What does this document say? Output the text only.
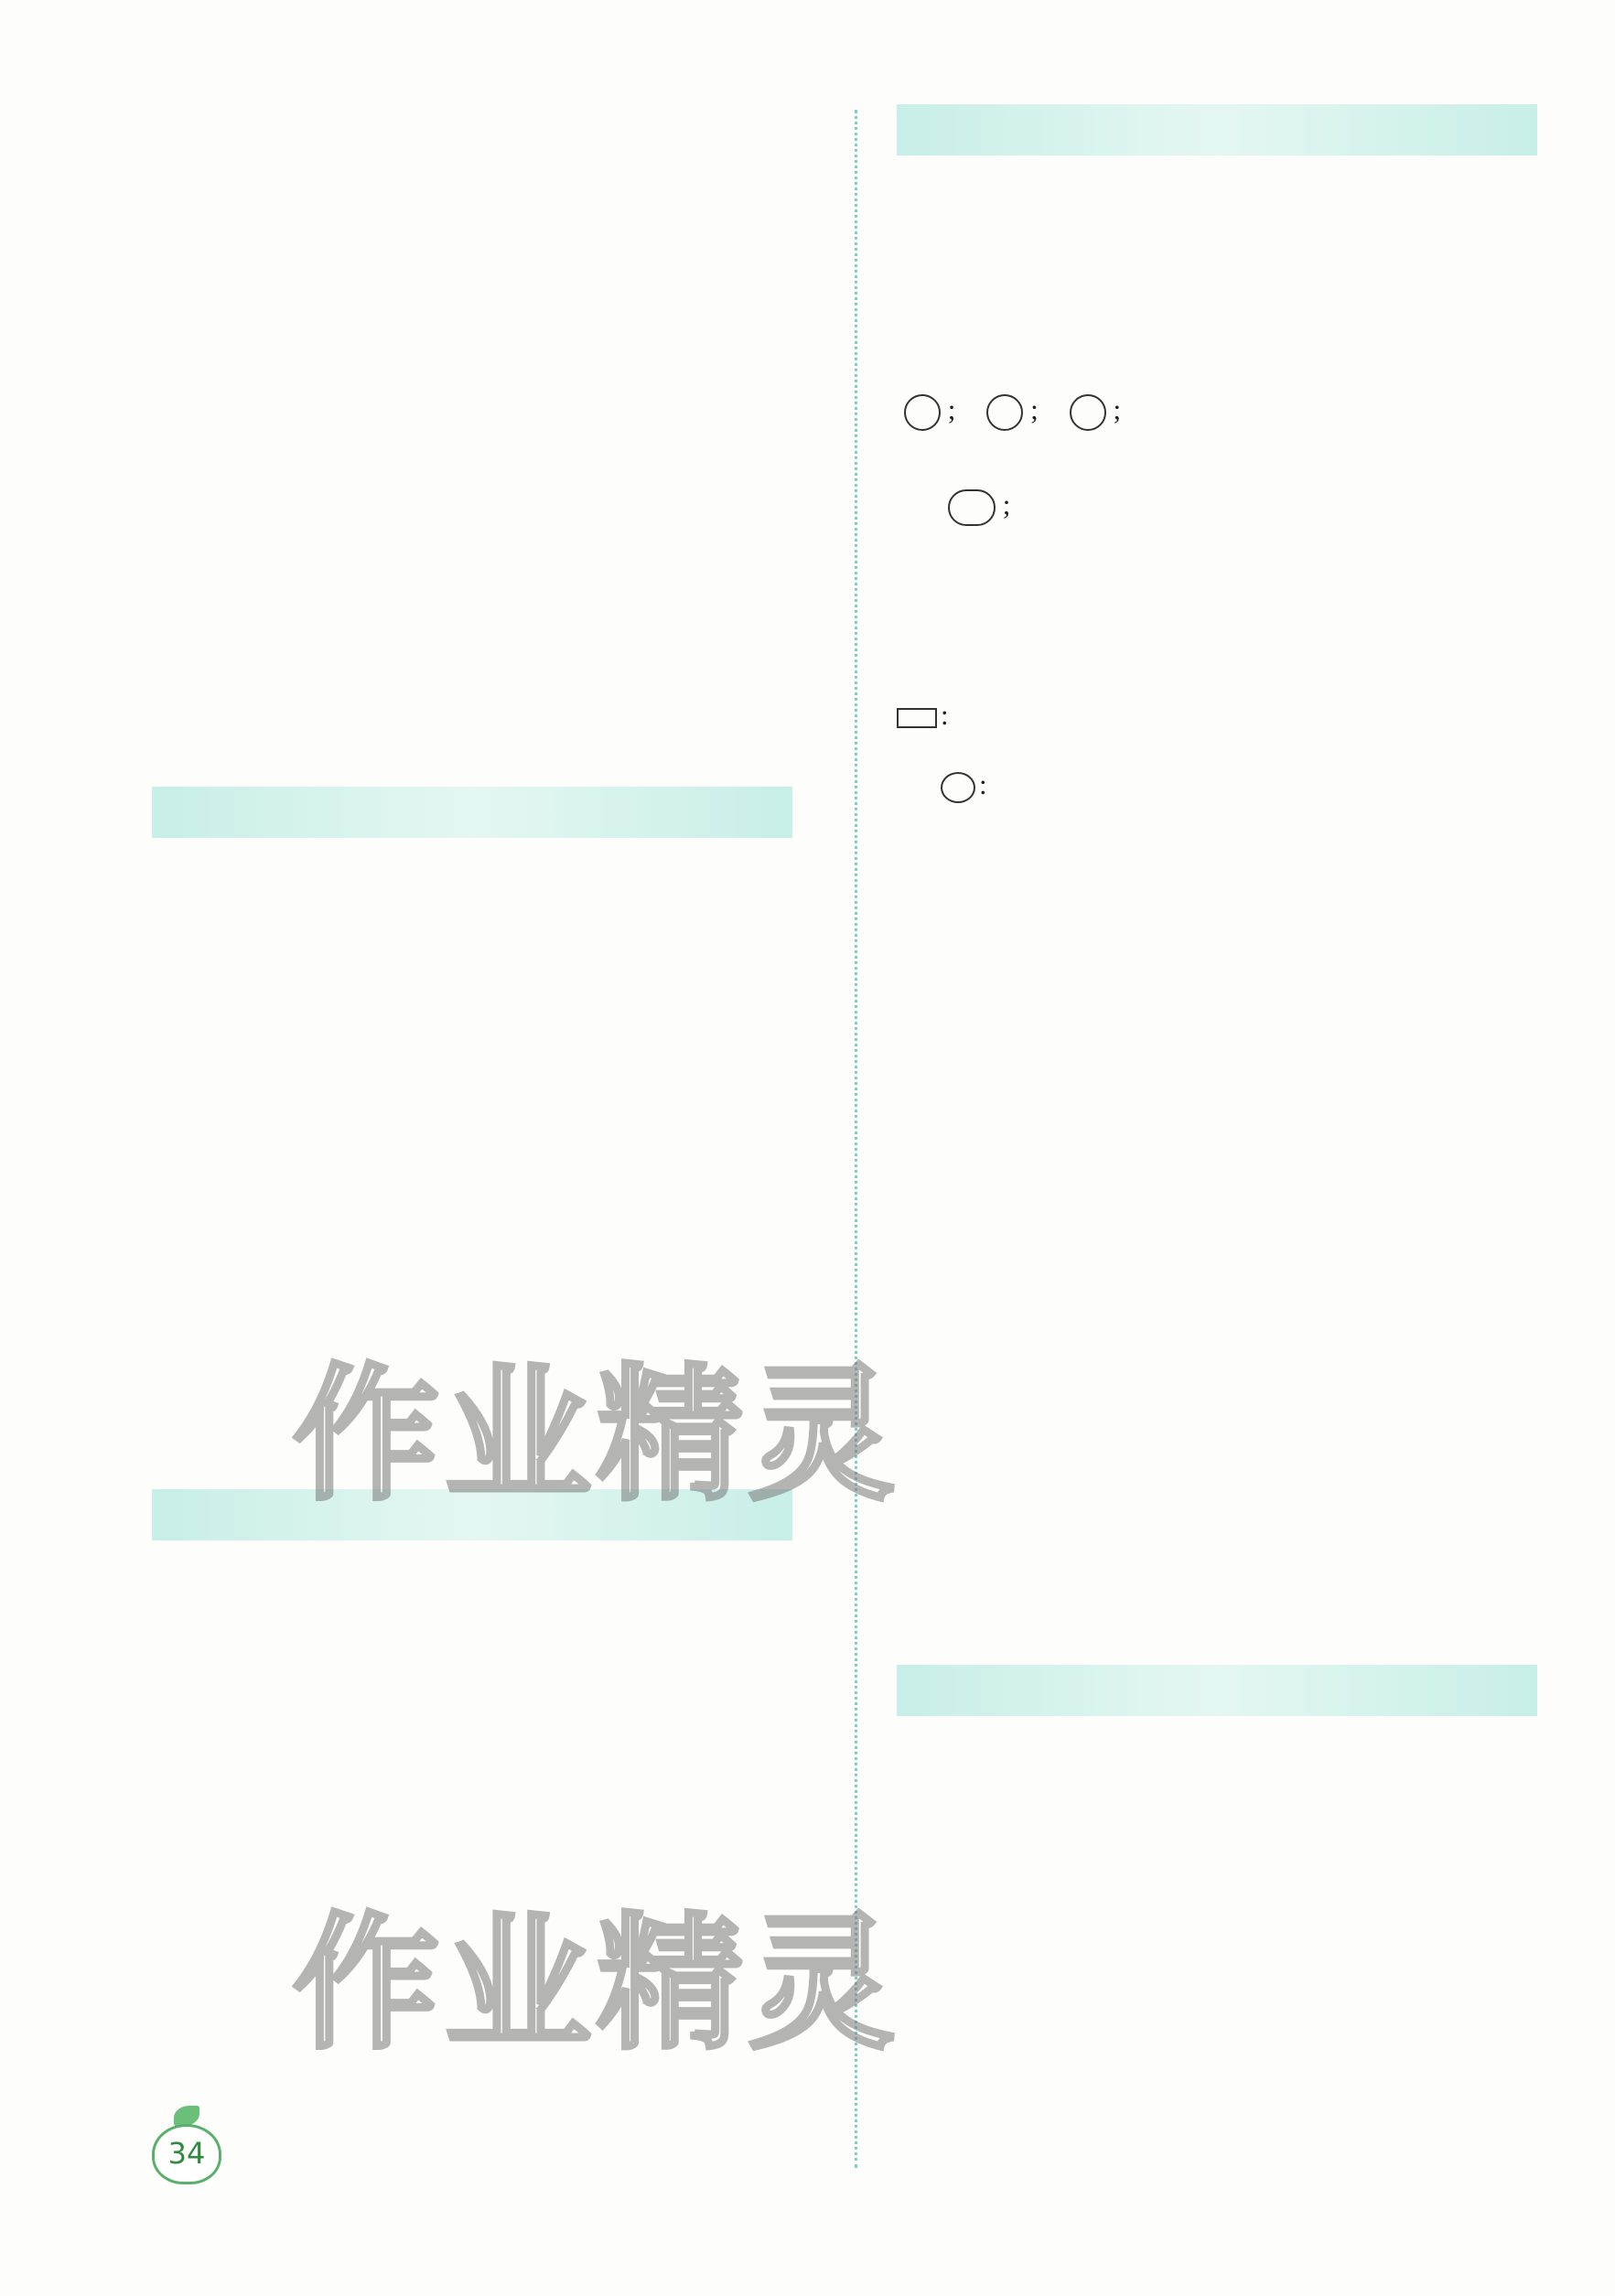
; ; ;
;
:
:
作业精灵
作业精灵
34
